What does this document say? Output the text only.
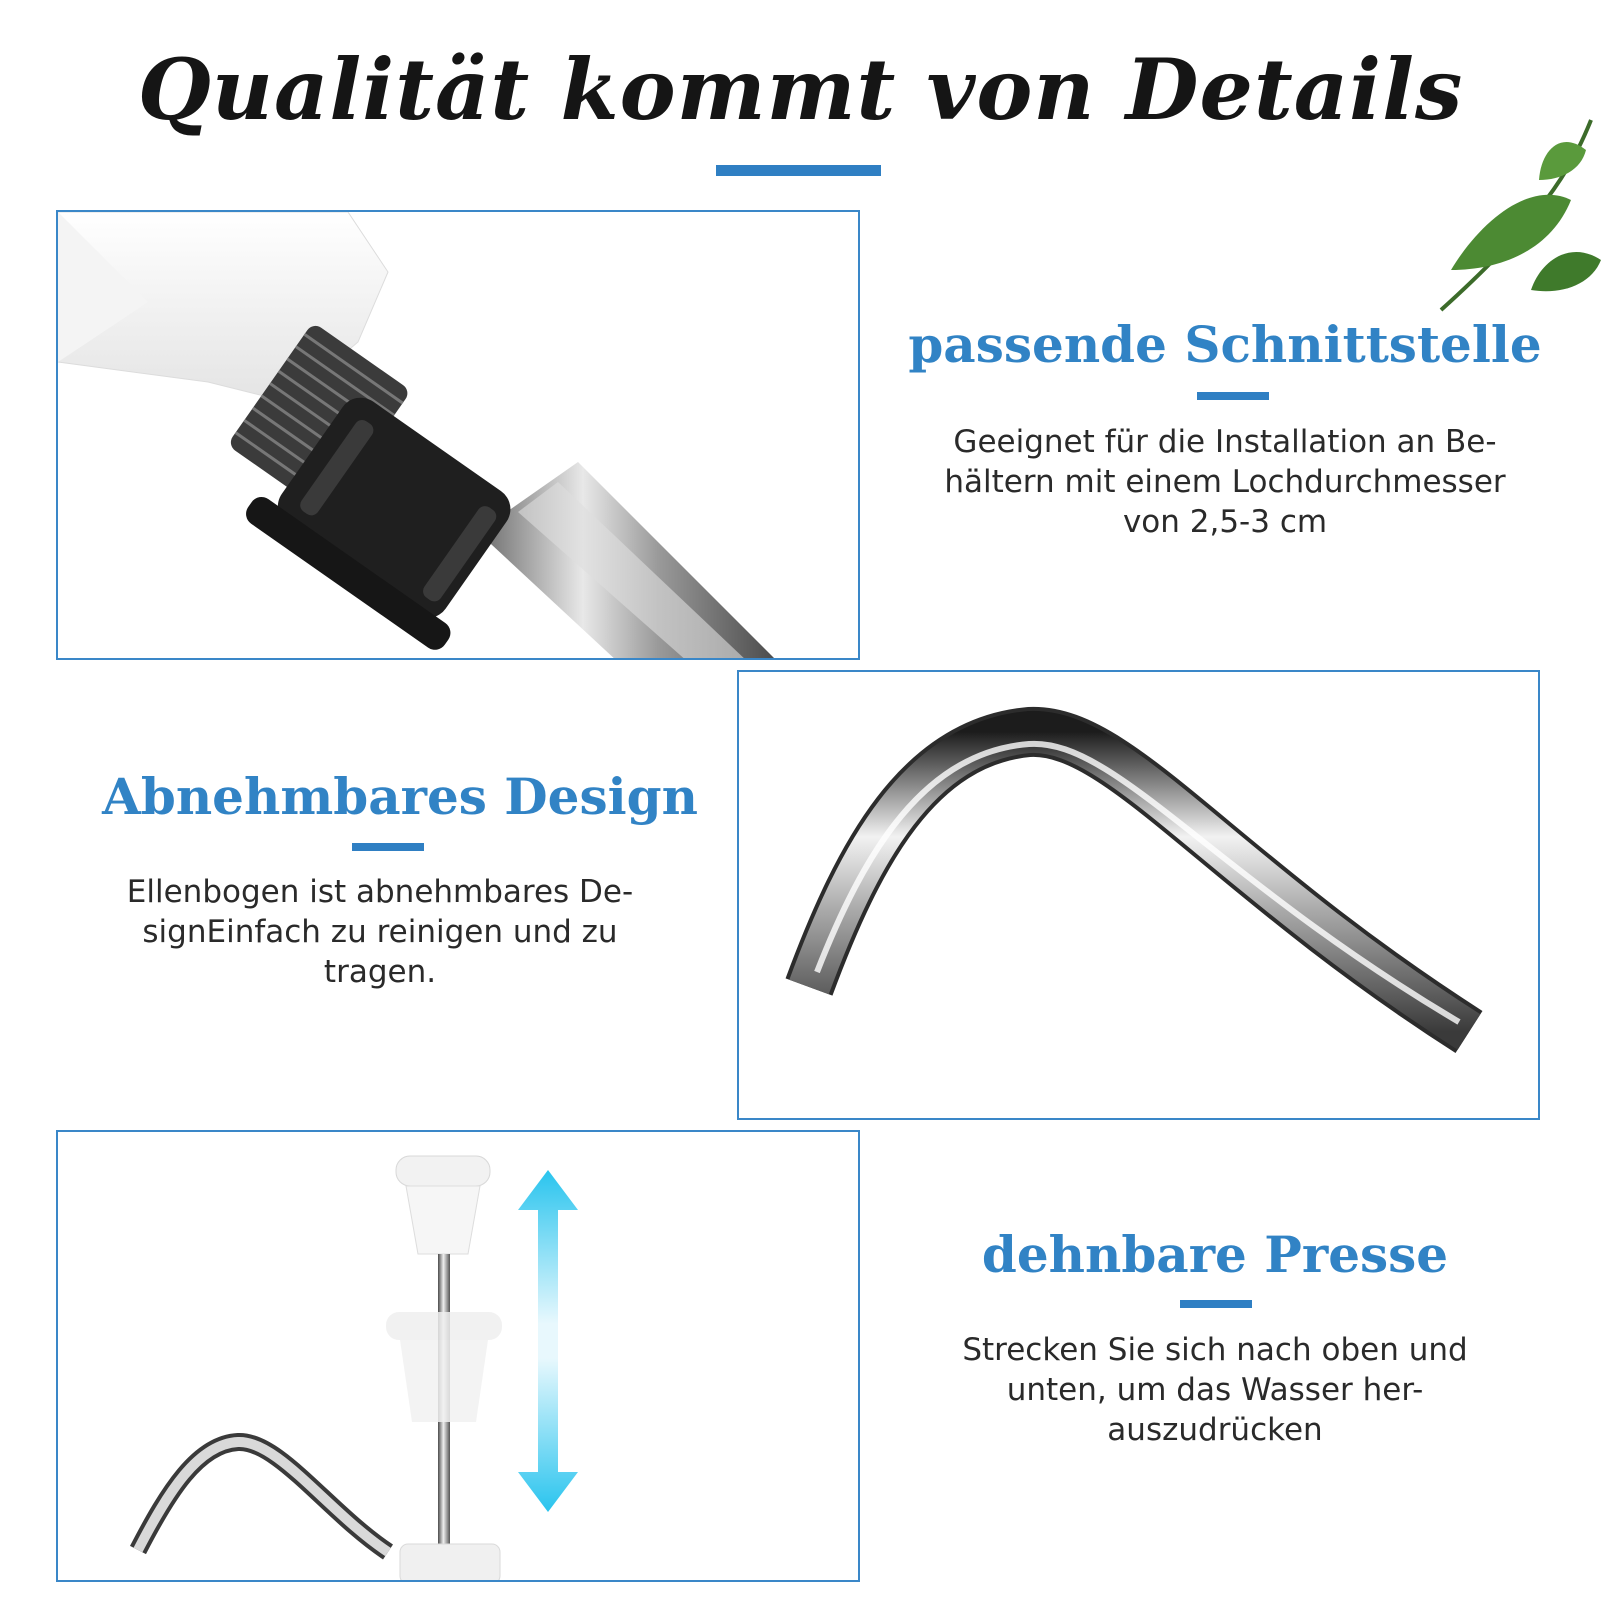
Qualität kommt von Details
passende Schnittstelle

Geeignet für die Installation an Be-
hältern mit einem Lochdurchmesser
von 2,5-3 cm

Abnehmbares Design

Ellenbogen ist abnehmbares De-
signEinfach zu reinigen und zu
tragen.

dehnbare Presse

Strecken Sie sich nach oben und
unten, um das Wasser her-
auszudrücken
